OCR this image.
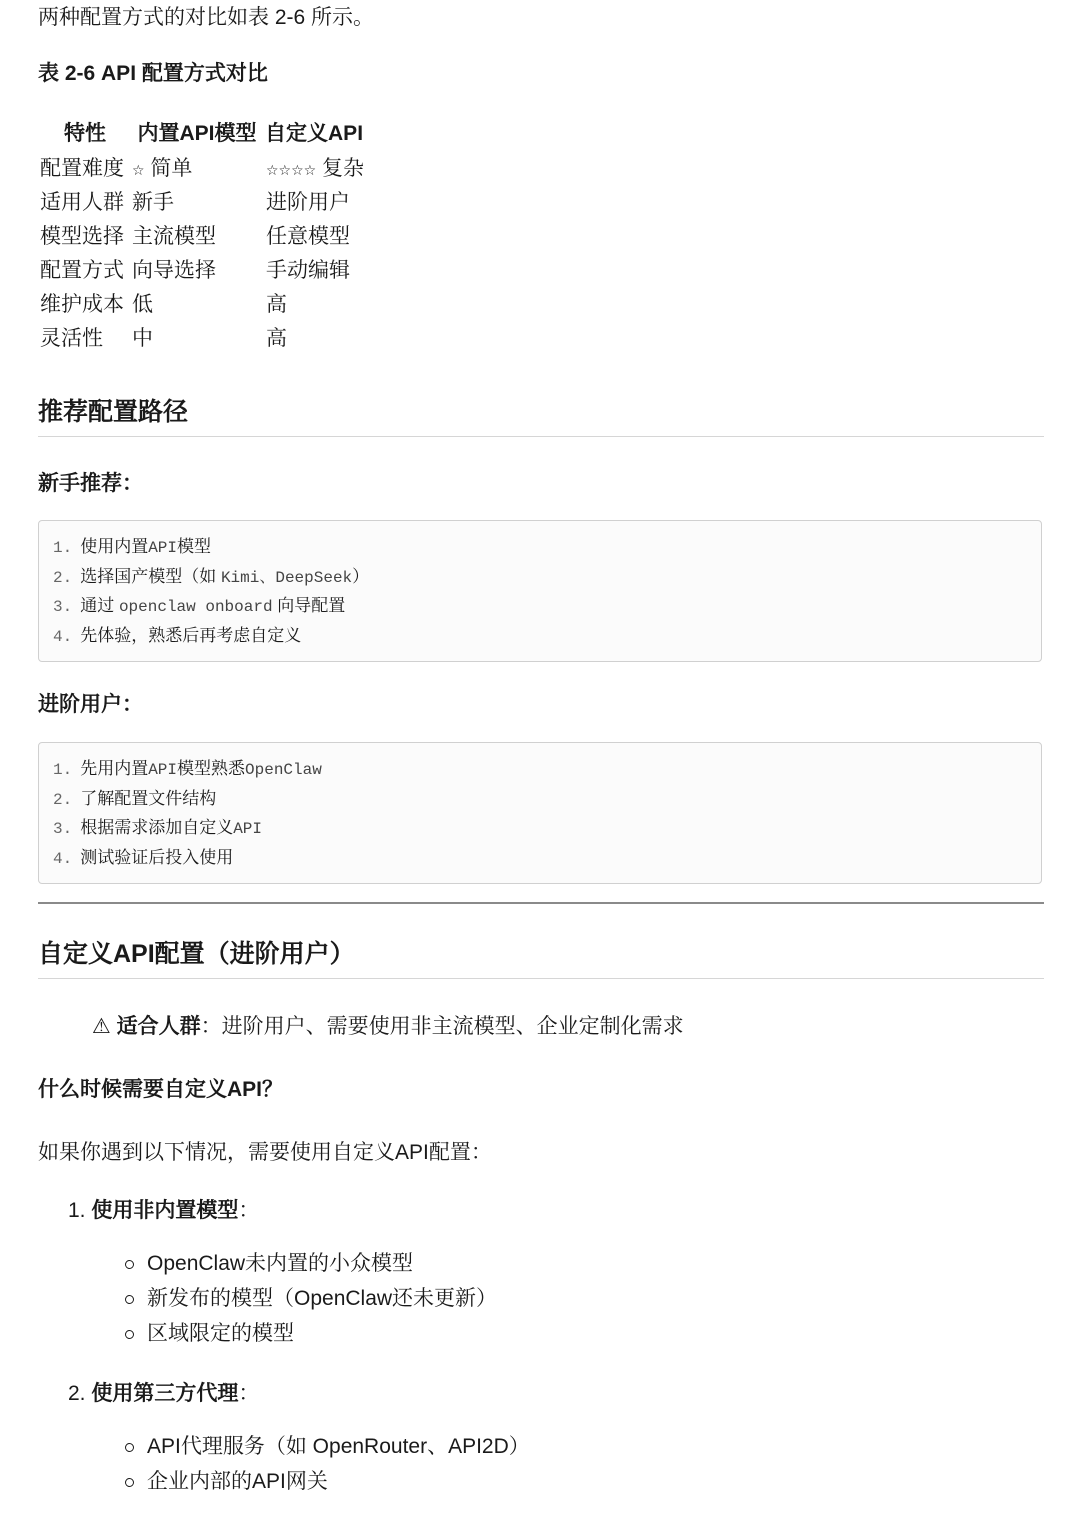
两种配置方式的对比如表 2-6 所示。
表 2-6 API 配置方式对比
特性	内置API模型	自定义API
配置难度	☆ 简单	☆☆☆☆ 复杂
适用人群	新手	进阶用户
模型选择	主流模型	任意模型
配置方式	向导选择	手动编辑
维护成本	低	高
灵活性	中	高
推荐配置路径
新手推荐：
1. 使用内置API模型
2. 选择国产模型（如 Kimi、DeepSeek）
3. 通过 openclaw onboard 向导配置
4. 先体验，熟悉后再考虑自定义
进阶用户：
1. 先用内置API模型熟悉OpenClaw
2. 了解配置文件结构
3. 根据需求添加自定义API
4. 测试验证后投入使用
自定义API配置（进阶用户）
⚠ 适合人群：进阶用户、需要使用非主流模型、企业定制化需求
什么时候需要自定义API？
如果你遇到以下情况，需要使用自定义API配置：
1. 使用非内置模型：
OpenClaw未内置的小众模型
新发布的模型（OpenClaw还未更新）
区域限定的模型
2. 使用第三方代理：
API代理服务（如 OpenRouter、API2D）
企业内部的API网关
